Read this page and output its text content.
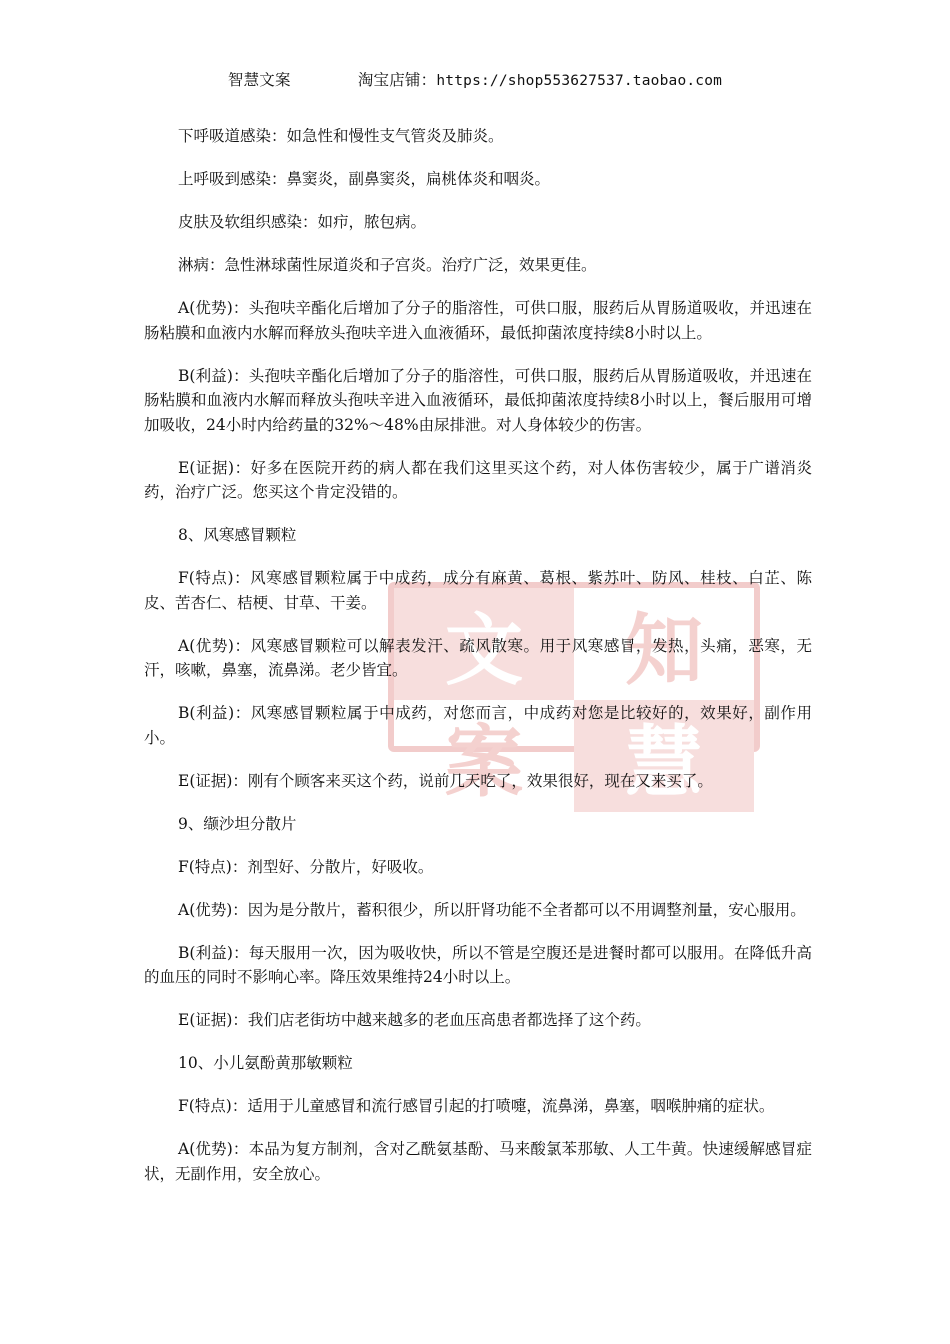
智慧文案	淘宝店铺：https://shop553627537.taobao.com
文	知
案	慧

下呼吸道感染：如急性和慢性支气管炎及肺炎。

上呼吸到感染：鼻窦炎，副鼻窦炎，扁桃体炎和咽炎。

皮肤及软组织感染：如疖，脓包病。

淋病：急性淋球菌性尿道炎和子宫炎。治疗广泛，效果更佳。

A(优势)：头孢呋辛酯化后增加了分子的脂溶性，可供口服，服药后从胃肠道吸收，并迅速在肠粘膜和血液内水解而释放头孢呋辛进入血液循环，最低抑菌浓度持续8小时以上。

B(利益)：头孢呋辛酯化后增加了分子的脂溶性，可供口服，服药后从胃肠道吸收，并迅速在肠粘膜和血液内水解而释放头孢呋辛进入血液循环，最低抑菌浓度持续8小时以上，餐后服用可增加吸收，24小时内给药量的32%～48%由尿排泄。对人身体较少的伤害。

E(证据)：好多在医院开药的病人都在我们这里买这个药，对人体伤害较少，属于广谱消炎药，治疗广泛。您买这个肯定没错的。

8、风寒感冒颗粒

F(特点)：风寒感冒颗粒属于中成药，成分有麻黄、葛根、紫苏叶、防风、桂枝、白芷、陈皮、苦杏仁、桔梗、甘草、干姜。

A(优势)：风寒感冒颗粒可以解表发汗、疏风散寒。用于风寒感冒，发热，头痛，恶寒，无汗，咳嗽，鼻塞，流鼻涕。老少皆宜。

B(利益)：风寒感冒颗粒属于中成药，对您而言，中成药对您是比较好的，效果好，副作用小。

E(证据)：刚有个顾客来买这个药，说前几天吃了，效果很好，现在又来买了。

9、缬沙坦分散片

F(特点)：剂型好、分散片，好吸收。

A(优势)：因为是分散片，蓄积很少，所以肝肾功能不全者都可以不用调整剂量，安心服用。

B(利益)：每天服用一次，因为吸收快，所以不管是空腹还是进餐时都可以服用。在降低升高的血压的同时不影响心率。降压效果维持24小时以上。

E(证据)：我们店老街坊中越来越多的老血压高患者都选择了这个药。

10、小儿氨酚黄那敏颗粒

F(特点)：适用于儿童感冒和流行感冒引起的打喷嚏，流鼻涕，鼻塞，咽喉肿痛的症状。

A(优势)：本品为复方制剂，含对乙酰氨基酚、马来酸氯苯那敏、人工牛黄。快速缓解感冒症状，无副作用，安全放心。
